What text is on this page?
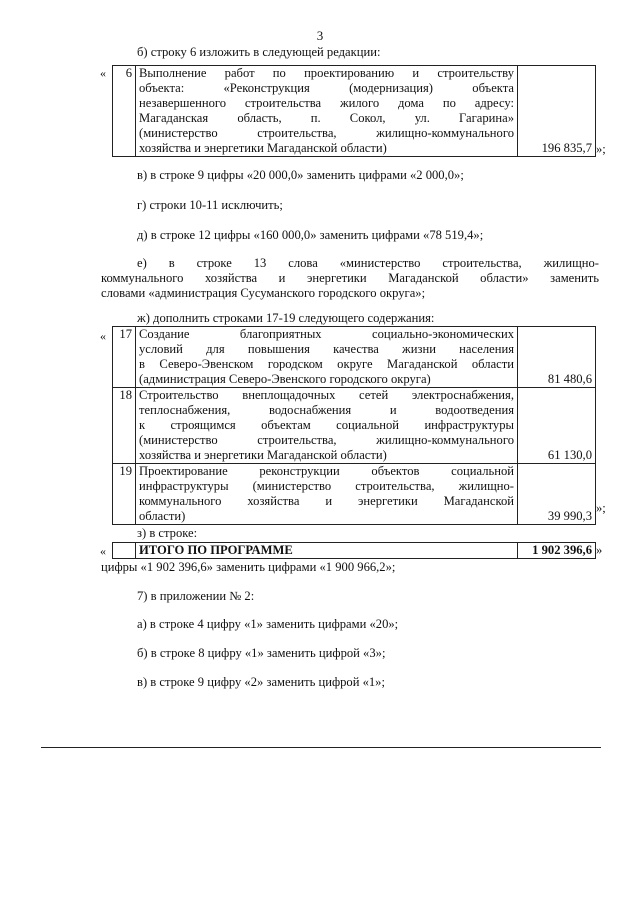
3
б) строку 6 изложить в следующей редакции:
« 6	Выполнение работ по проектированию и строительству
объекта: «Реконструкция (модернизация) объекта
незавершенного строительства жилого дома по адресу:
Магаданская область, п. Сокол, ул. Гагарина»
(министерство строительства, жилищно-коммунального
хозяйства и энергетики Магаданской области)	196 835,7 »;
в) в строке 9 цифры «20 000,0» заменить цифрами «2 000,0»;
г) строки 10-11 исключить;
д) в строке 12 цифры «160 000,0» заменить цифрами «78 519,4»;
е) в строке 13 слова «министерство строительства, жилищно-
коммунального хозяйства и энергетики Магаданской области» заменить
словами «администрация Сусуманского городского округа»;
ж) дополнить строками 17-19 следующего содержания:
« 17	Создание благоприятных социально-экономических
условий для повышения качества жизни населения
в Северо-Эвенском городском округе Магаданской области
(администрация Северо-Эвенского городского округа)	81 480,6
18	Строительство внеплощадочных сетей электроснабжения,
теплоснабжения, водоснабжения и водоотведения
к строящимся объектам социальной инфраструктуры
(министерство строительства, жилищно-коммунального
хозяйства и энергетики Магаданской области)	61 130,0
19	Проектирование реконструкции объектов социальной
инфраструктуры (министерство строительства, жилищно-
коммунального хозяйства и энергетики Магаданской
области)	39 990,3
»;
з) в строке:
«
		ИТОГО ПО ПРОГРАММЕ	1 902 396,6 »
цифры «1 902 396,6» заменить цифрами «1 900 966,2»;
7) в приложении № 2:
а) в строке 4 цифру «1» заменить цифрами «20»;
б) в строке 8 цифру «1» заменить цифрой «3»;
в) в строке 9 цифру «2» заменить цифрой «1»;
